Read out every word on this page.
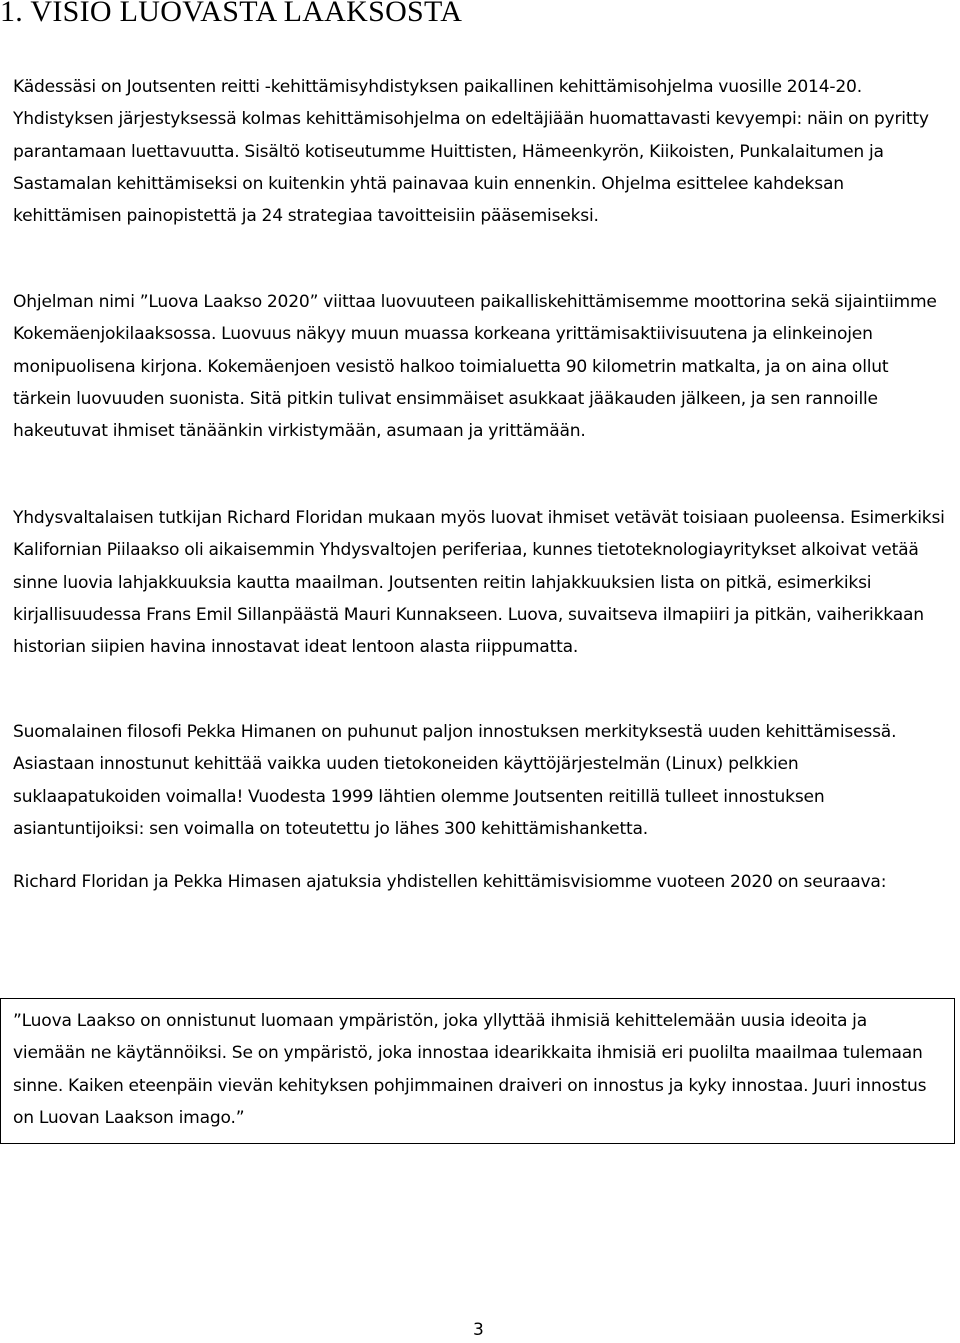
1. VISIO LUOVASTA LAAKSOSTA

Kädessäsi on Joutsenten reitti -kehittämisyhdistyksen paikallinen kehittämisohjelma vuosille 2014-20. Yhdistyksen järjestyksessä kolmas kehittämisohjelma on edeltäjiään huomattavasti kevyempi: näin on pyritty parantamaan luettavuutta. Sisältö kotiseutumme Huittisten, Hämeenkyrön, Kiikoisten, Punkalaitumen ja Sastamalan kehittämiseksi on kuitenkin yhtä painavaa kuin ennenkin. Ohjelma esittelee kahdeksan kehittämisen painopistettä ja 24 strategiaa tavoitteisiin pääsemiseksi.

Ohjelman nimi ”Luova Laakso 2020” viittaa luovuuteen paikalliskehittämisemme moottorina sekä sijaintiimme Kokemäenjokilaaksossa. Luovuus näkyy muun muassa korkeana yrittämisaktiivisuutena ja elinkeinojen monipuolisena kirjona. Kokemäenjoen vesistö halkoo toimialuetta 90 kilometrin matkalta, ja on aina ollut tärkein luovuuden suonista. Sitä pitkin tulivat ensimmäiset asukkaat jääkauden jälkeen, ja sen rannoille hakeutuvat ihmiset tänäänkin virkistymään, asumaan ja yrittämään.

Yhdysvaltalaisen tutkijan Richard Floridan mukaan myös luovat ihmiset vetävät toisiaan puoleensa. Esimerkiksi Kalifornian Piilaakso oli aikaisemmin Yhdysvaltojen periferiaa, kunnes tietoteknologiayritykset alkoivat vetää sinne luovia lahjakkuuksia kautta maailman. Joutsenten reitin lahjakkuuksien lista on pitkä, esimerkiksi kirjallisuudessa Frans Emil Sillanpäästä Mauri Kunnakseen. Luova, suvaitseva ilmapiiri ja pitkän, vaiherikkaan historian siipien havina innostavat ideat lentoon alasta riippumatta.

Suomalainen filosofi Pekka Himanen on puhunut paljon innostuksen merkityksestä uuden kehittämisessä. Asiastaan innostunut kehittää vaikka uuden tietokoneiden käyttöjärjestelmän (Linux) pelkkien suklaapatukoiden voimalla! Vuodesta 1999 lähtien olemme Joutsenten reitillä tulleet innostuksen asiantuntijoiksi: sen voimalla on toteutettu jo lähes 300 kehittämishanketta.

Richard Floridan ja Pekka Himasen ajatuksia yhdistellen kehittämisvisiomme vuoteen 2020 on seuraava:

”Luova Laakso on onnistunut luomaan ympäristön, joka yllyttää ihmisiä kehittelemään uusia ideoita ja viemään ne käytännöiksi. Se on ympäristö, joka innostaa idearikkaita ihmisiä eri puolilta maailmaa tulemaan sinne. Kaiken eteenpäin vievän kehityksen pohjimmainen draiveri on innostus ja kyky innostaa. Juuri innostus on Luovan Laakson imago.”

3
